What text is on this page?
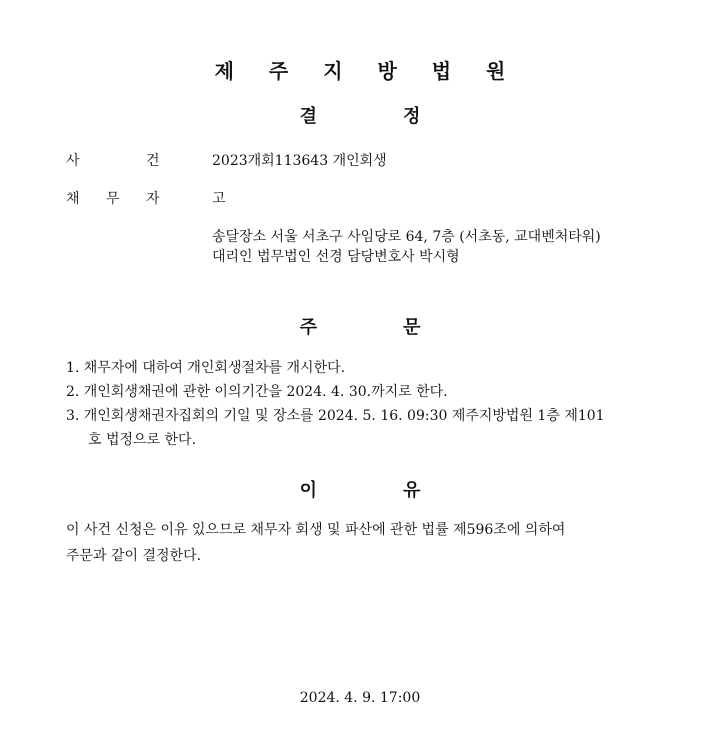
제 주 지 방 법 원
결	정
사	건	2023개회113643 개인회생
채 무 자	고
송달장소 서울 서초구 사임당로 64, 7층 (서초동, 교대벤처타워)
대리인 법무법인 선경 담당변호사 박시형
주	문
1. 채무자에 대하여 개인회생절차를 개시한다.
2. 개인회생채권에 관한 이의기간을 2024. 4. 30.까지로 한다.
3. 개인회생채권자집회의 기일 및 장소를 2024. 5. 16. 09:30 제주지방법원 1층 제101
호 법정으로 한다.
이	유
이 사건 신청은 이유 있으므로 채무자 회생 및 파산에 관한 법률 제596조에 의하여
주문과 같이 결정한다.
2024. 4. 9. 17:00
